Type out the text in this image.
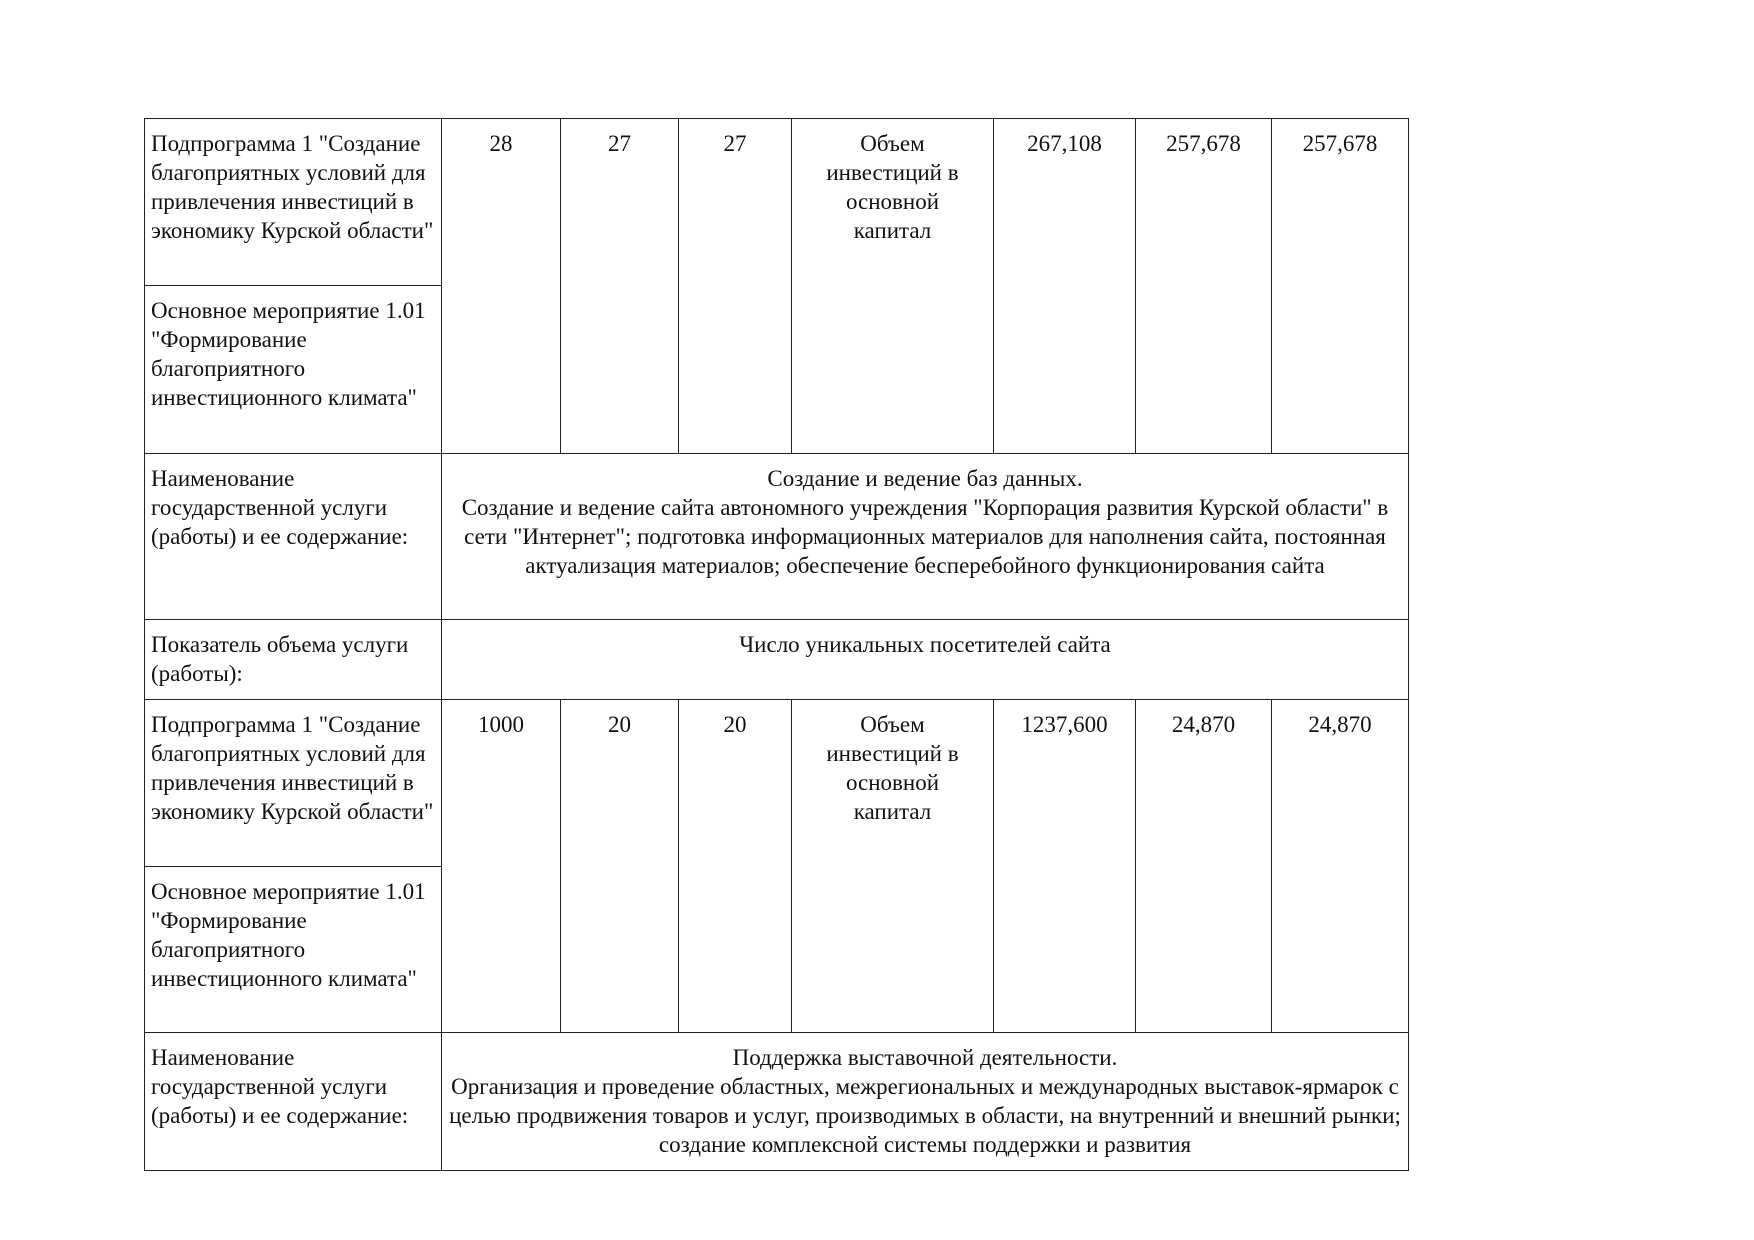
Подпрограмма 1 "Создание благоприятных условий для привлечения инвестиций в экономику Курской области"	28	27	27	Объем инвестиций в основной капитал	267,108	257,678	257,678
Основное мероприятие 1.01 "Формирование благоприятного инвестиционного климата"							
Наименование государственной услуги (работы) и ее содержание:	Создание и ведение баз данных.
Создание и ведение сайта автономного учреждения "Корпорация развития Курской области" в сети "Интернет"; подготовка информационных материалов для наполнения сайта, постоянная актуализация материалов; обеспечение бесперебойного функционирования сайта						

Показатель объема услуги (работы):	Число уникальных посетителей сайта						
Подпрограмма 1 "Создание благоприятных условий для привлечения инвестиций в экономику Курской области"	1000	20	20	Объем инвестиций в основной капитал	1237,600	24,870	24,870
Основное мероприятие 1.01 "Формирование благоприятного инвестиционного климата"							
Наименование государственной услуги (работы) и ее содержание:	Поддержка выставочной деятельности.
Организация и проведение областных, межрегиональных и международных выставок-ярмарок с целью продвижения товаров и услуг, производимых в области, на внутренний и внешний рынки; создание комплексной системы поддержки и развития						
